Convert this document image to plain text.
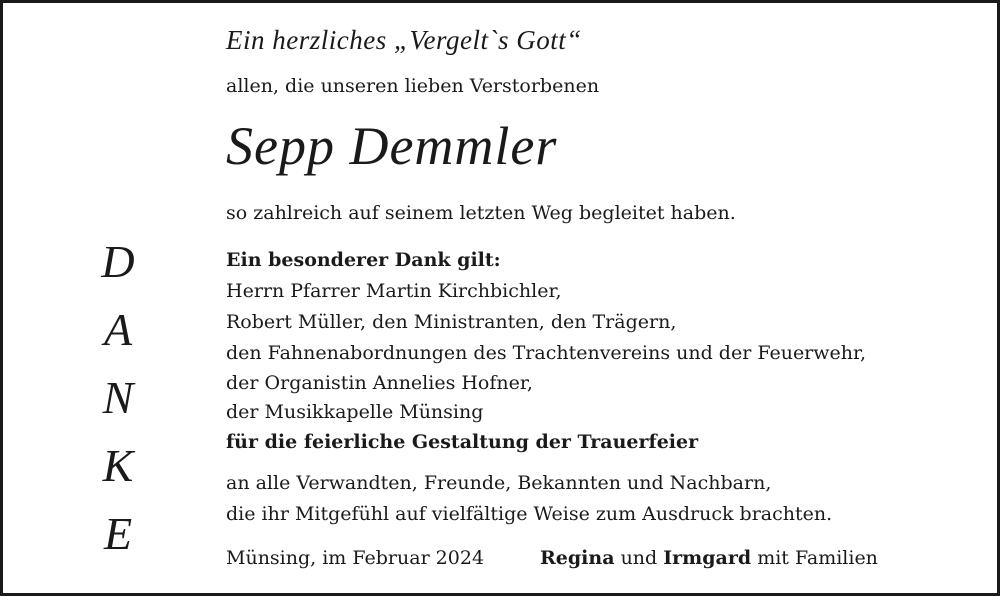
D
A
N
K
E
Ein herzliches „Vergelt`s Gott“
allen, die unseren lieben Verstorbenen
Sepp Demmler
so zahlreich auf seinem letzten Weg begleitet haben.
Ein besonderer Dank gilt:
Herrn Pfarrer Martin Kirchbichler,
Robert Müller, den Ministranten, den Trägern,
den Fahnenabordnungen des Trachtenvereins und der Feuerwehr,
der Organistin Annelies Hofner,
der Musikkapelle Münsing
für die feierliche Gestaltung der Trauerfeier
an alle Verwandten, Freunde, Bekannten und Nachbarn,
die ihr Mitgefühl auf vielfältige Weise zum Ausdruck brachten.
Münsing, im Februar 2024	Regina und Irmgard mit Familien
